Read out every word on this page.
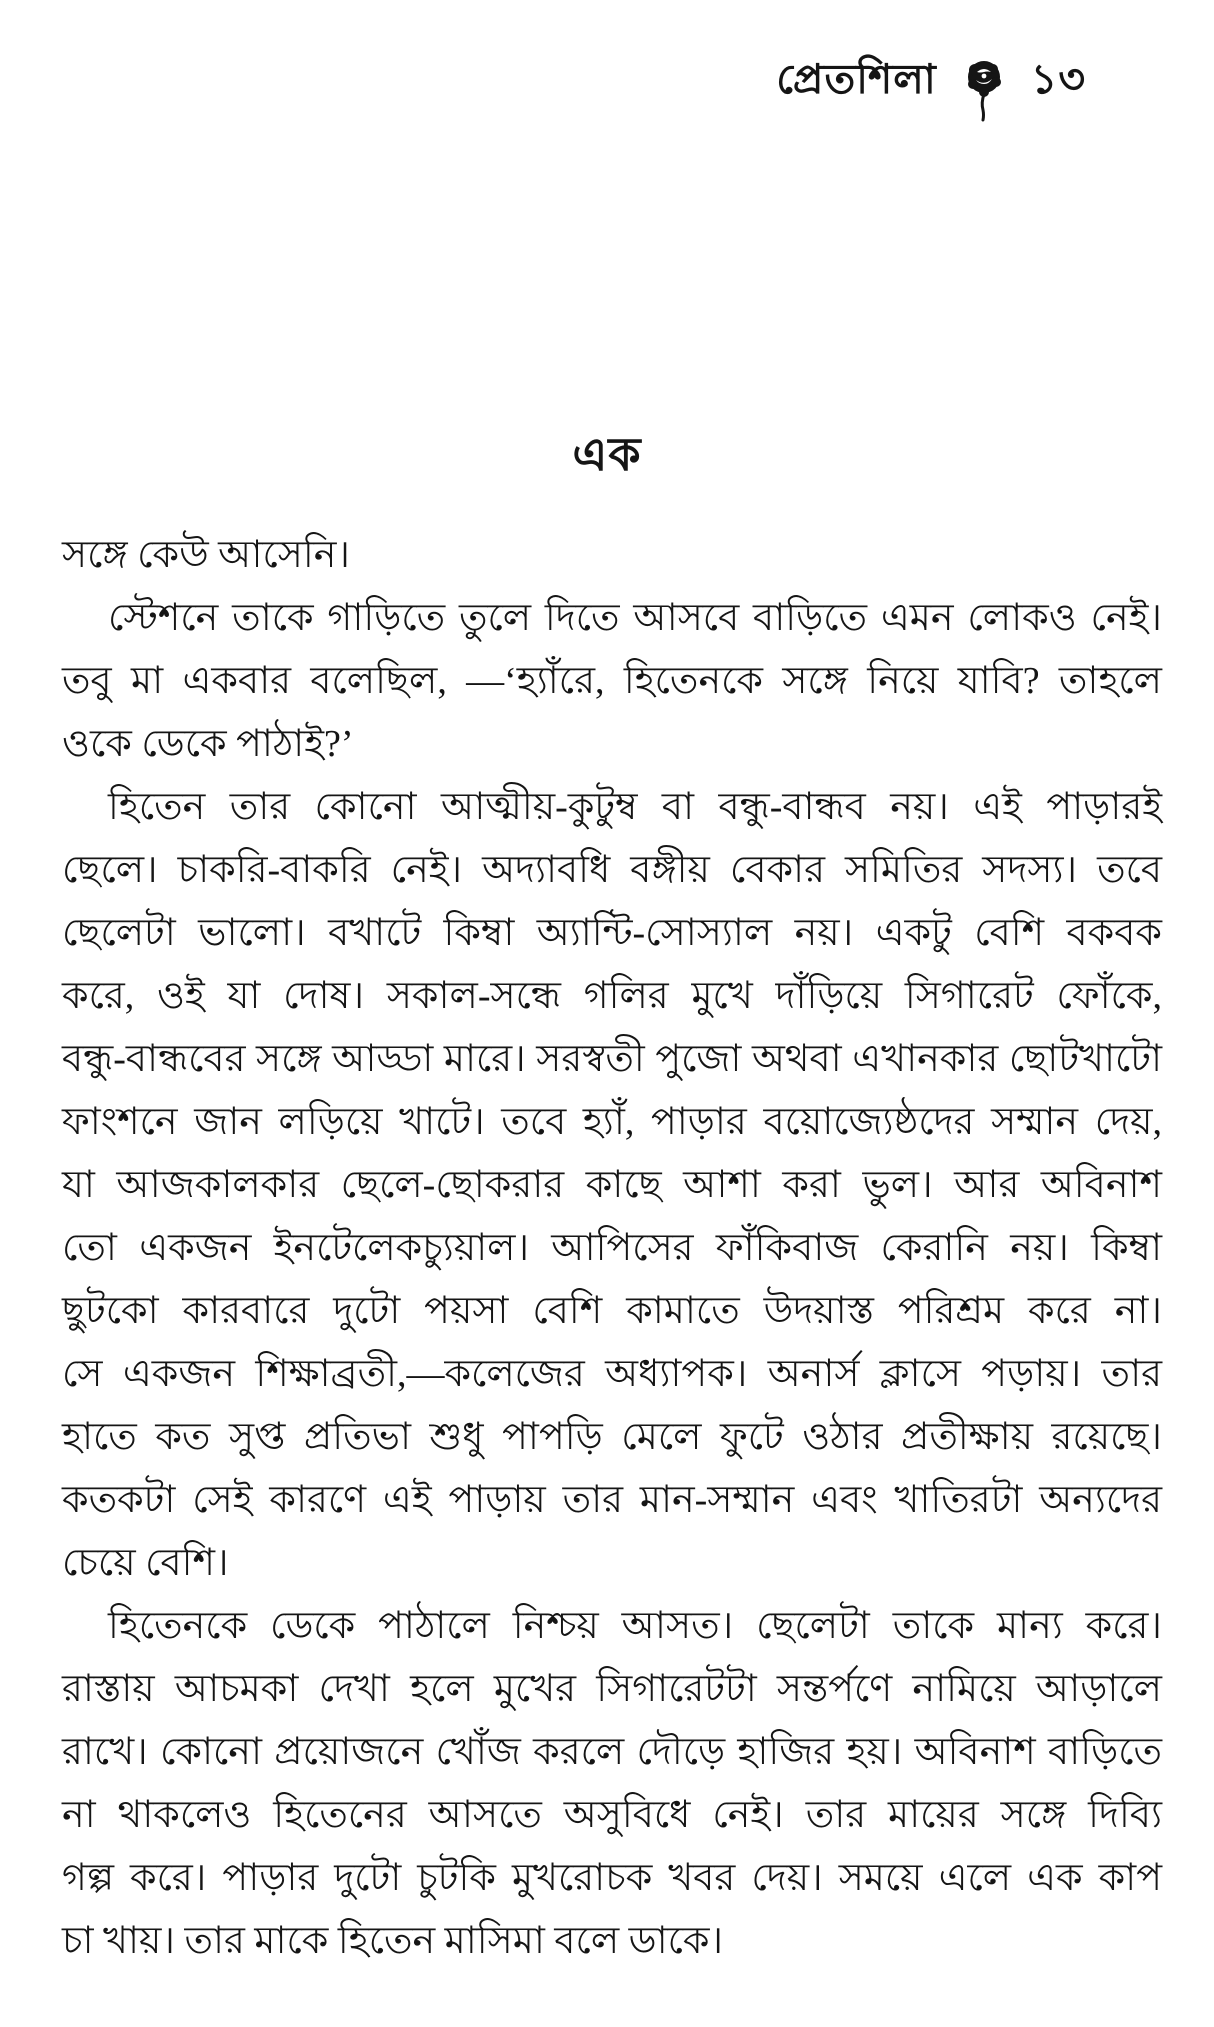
প্রেতশিলা ১৩
এক
সঙ্গে কেউ আসেনি।
স্টেশনে তাকে গাড়িতে তুলে দিতে আসবে বাড়িতে এমন লোকও নেই।
তবু মা একবার বলেছিল, —‘হ্যাঁরে, হিতেনকে সঙ্গে নিয়ে যাবি? তাহলে
ওকে ডেকে পাঠাই?’
হিতেন তার কোনো আত্মীয়-কুটুম্ব বা বন্ধু-বান্ধব নয়। এই পাড়ারই
ছেলে। চাকরি-বাকরি নেই। অদ্যাবধি বঙ্গীয় বেকার সমিতির সদস্য। তবে
ছেলেটা ভালো। বখাটে কিম্বা অ্যান্টি-সোস্যাল নয়। একটু বেশি বকবক
করে, ওই যা দোষ। সকাল-সন্ধে গলির মুখে দাঁড়িয়ে সিগারেট ফোঁকে,
বন্ধু-বান্ধবের সঙ্গে আড্ডা মারে। সরস্বতী পুজো অথবা এখানকার ছোটখাটো
ফাংশনে জান লড়িয়ে খাটে। তবে হ্যাঁ, পাড়ার বয়োজ্যেষ্ঠদের সম্মান দেয়,
যা আজকালকার ছেলে-ছোকরার কাছে আশা করা ভুল। আর অবিনাশ
তো একজন ইনটেলেকচ্যুয়াল। আপিসের ফাঁকিবাজ কেরানি নয়। কিম্বা
ছুটকো কারবারে দুটো পয়সা বেশি কামাতে উদয়াস্ত পরিশ্রম করে না।
সে একজন শিক্ষাব্রতী,—কলেজের অধ্যাপক। অনার্স ক্লাসে পড়ায়। তার
হাতে কত সুপ্ত প্রতিভা শুধু পাপড়ি মেলে ফুটে ওঠার প্রতীক্ষায় রয়েছে।
কতকটা সেই কারণে এই পাড়ায় তার মান-সম্মান এবং খাতিরটা অন্যদের
চেয়ে বেশি।
হিতেনকে ডেকে পাঠালে নিশ্চয় আসত। ছেলেটা তাকে মান্য করে।
রাস্তায় আচমকা দেখা হলে মুখের সিগারেটটা সন্তর্পণে নামিয়ে আড়ালে
রাখে। কোনো প্রয়োজনে খোঁজ করলে দৌড়ে হাজির হয়। অবিনাশ বাড়িতে
না থাকলেও হিতেনের আসতে অসুবিধে নেই। তার মায়ের সঙ্গে দিব্যি
গল্প করে। পাড়ার দুটো চুটকি মুখরোচক খবর দেয়। সময়ে এলে এক কাপ
চা খায়। তার মাকে হিতেন মাসিমা বলে ডাকে।
